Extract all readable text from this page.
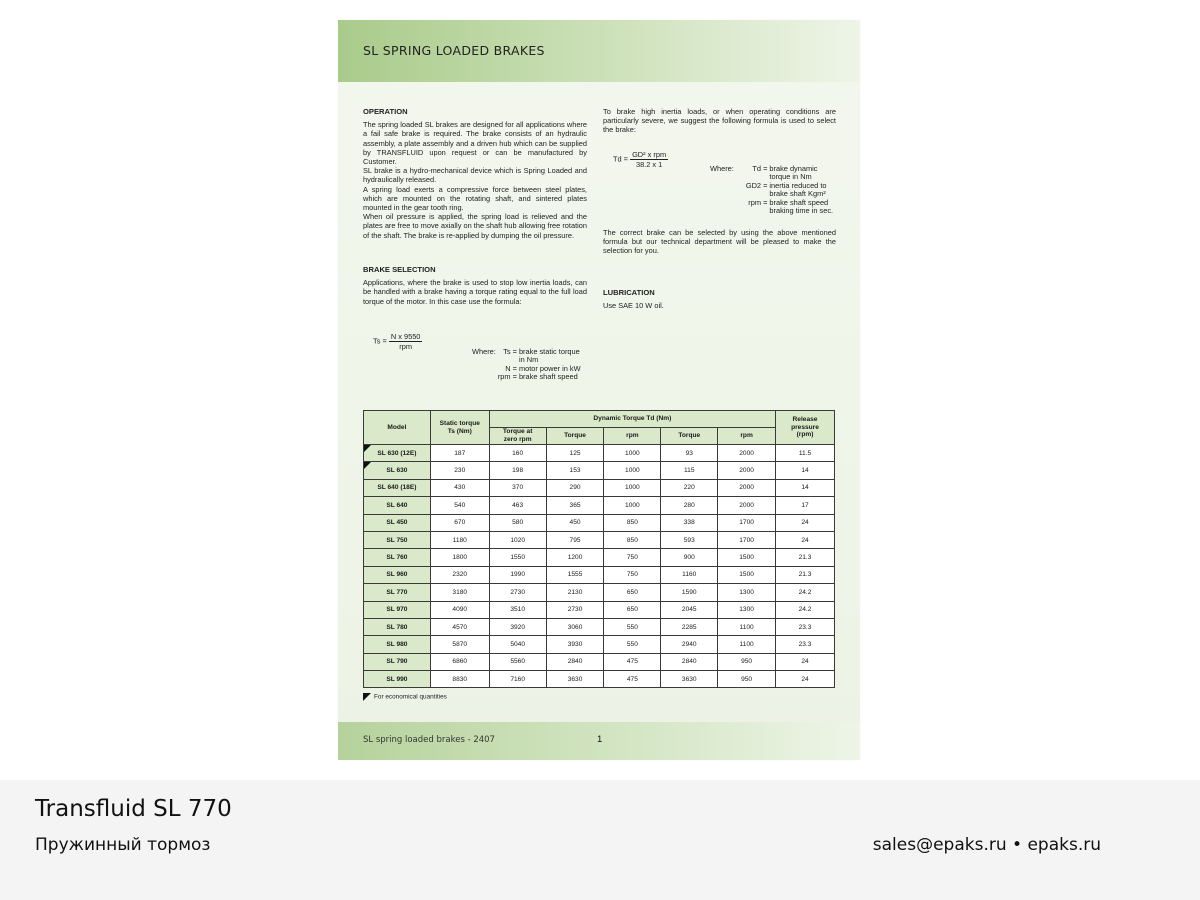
SL SPRING LOADED BRAKES
OPERATION

The spring loaded SL brakes are designed for all applications where a fail safe brake is required. The brake consists of an hydraulic assembly, a plate assembly and a driven hub which can be supplied by TRANSFLUID upon request or can be manufactured by Customer.
SL brake is a hydro-mechanical device which is Spring Loaded and hydraulically released.
A spring load exerts a compressive force between steel plates, which are mounted on the rotating shaft, and sintered plates mounted in the gear tooth ring.
When oil pressure is applied, the spring load is relieved and the plates are free to move axially on the shaft hub allowing free rotation of the shaft. The brake is re-applied by dumping the oil pressure.

BRAKE SELECTION

Applications, where the brake is used to stop low inertia loads, can be handled with a brake having a torque rating equal to the full load torque of the motor. In this case use the formula:

$Ts = \frac{\text{N x 9550}}{\text{rpm}}$
Where:	Ts =	brake static torque
		in Nm
	N =	motor power in kW
	rpm =	brake shaft speed

To brake high inertia loads, or when operating conditions are particularly severe, we suggest the following formula is used to select the brake:

$Td = \frac{\text{GD² x rpm}}{38.2 x 1}$	Where:	Td =	brake dynamic
		torque in Nm
	GD2 =	inertia reduced to
		brake shaft Kgm²
	rpm =	brake shaft speed
		braking time in sec.

The correct brake can be selected by using the above mentioned formula but our technical department will be pleased to make the selection for you.

LUBRICATION

Use SAE 10 W oil.

Model	Static torque Ts (Nm)	Dynamic Torque Td (Nm)					Release pressure (rpm)
		Torque at zero rpm	Torque	rpm	Torque	rpm	
SL 630 (12E)	187	160	125	1000	93	2000	11.5
SL 630	230	198	153	1000	115	2000	14
SL 640 (18E)	430	370	290	1000	220	2000	14
SL 640	540	463	365	1000	280	2000	17
SL 450	670	580	450	850	338	1700	24
SL 750	1180	1020	795	850	593	1700	24
SL 760	1800	1550	1200	750	900	1500	21.3
SL 960	2320	1990	1555	750	1160	1500	21.3
SL 770	3180	2730	2130	650	1590	1300	24.2
SL 970	4090	3510	2730	650	2045	1300	24.2
SL 780	4570	3920	3060	550	2285	1100	23.3
SL 980	5870	5040	3930	550	2940	1100	23.3
SL 790	6860	5560	2840	475	2840	950	24
SL 990	8830	7160	3630	475	3630	950	24
For economical quantities
SL spring loaded brakes - 2407	1
Transfluid SL 770
Пружинный тормоз	sales@epaks.ru • epaks.ru
